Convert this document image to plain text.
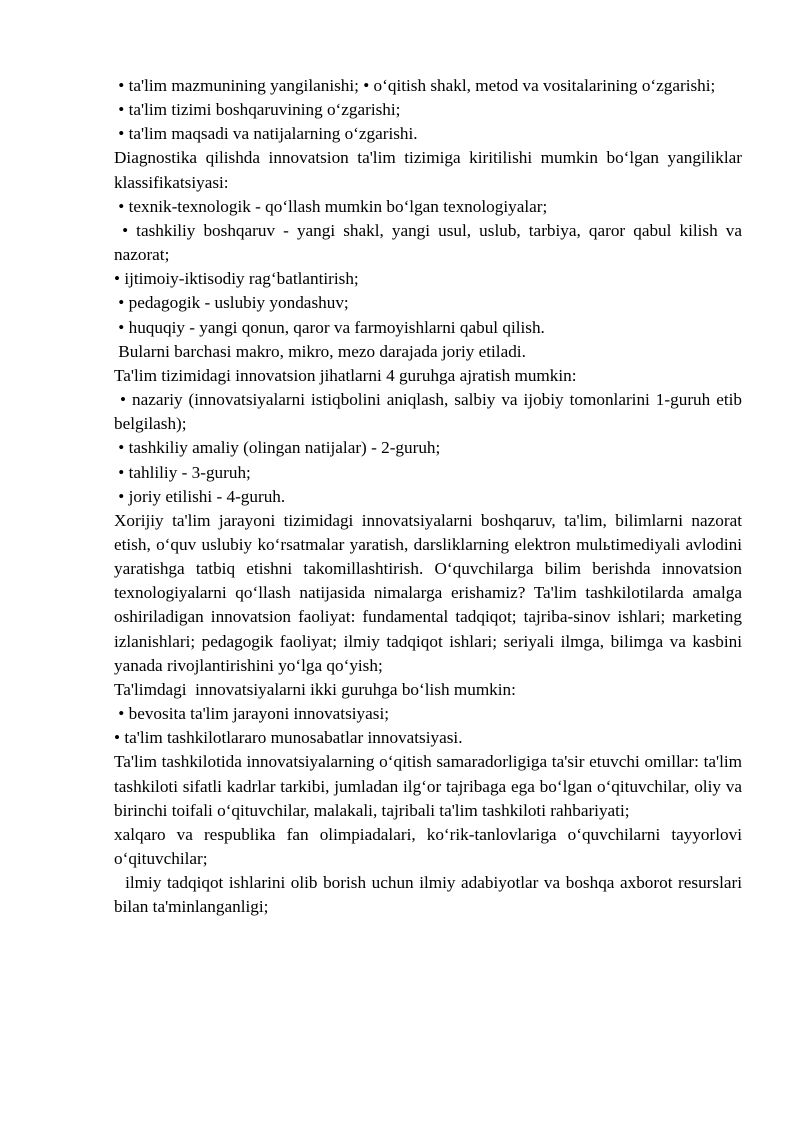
• ta'lim mazmunining yangilanishi; • o‘qitish shakl, metod va vositalarining o‘zgarishi;

• ta'lim tizimi boshqaruvining o‘zgarishi;

• ta'lim maqsadi va natijalarning o‘zgarishi.

Diagnostika qilishda innovatsion ta'lim tizimiga kiritilishi mumkin bo‘lgan yangiliklar klassifikatsiyasi:

• texnik-texnologik - qo‘llash mumkin bo‘lgan texnologiyalar;

• tashkiliy boshqaruv - yangi shakl, yangi usul, uslub, tarbiya, qaror qabul kilish va nazorat;

• ijtimoiy-iktisodiy rag‘batlantirish;

• pedagogik - uslubiy yondashuv;

• huquqiy - yangi qonun, qaror va farmoyishlarni qabul qilish.

Bularni barchasi makro, mikro, mezo darajada joriy etiladi.

Ta'lim tizimidagi innovatsion jihatlarni 4 guruhga ajratish mumkin:

• nazariy (innovatsiyalarni istiqbolini aniqlash, salbiy va ijobiy tomonlarini 1-guruh etib belgilash);

• tashkiliy amaliy (olingan natijalar) - 2-guruh;

• tahliliy - 3-guruh;

• joriy etilishi - 4-guruh.

Xorijiy ta'lim jarayoni tizimidagi innovatsiyalarni boshqaruv, ta'lim, bilimlarni nazorat etish, o‘quv uslubiy ko‘rsatmalar yaratish, darsliklarning elektron mulьtimediyali avlodini yaratishga tatbiq etishni takomillashtirish. O‘quvchilarga bilim berishda innovatsion texnologiyalarni qo‘llash natijasida nimalarga erishamiz? Ta'lim tashkilotilarda amalga oshiriladigan innovatsion faoliyat: fundamental tadqiqot; tajriba-sinov ishlari; marketing izlanishlari; pedagogik faoliyat; ilmiy tadqiqot ishlari; seriyali ilmga, bilimga va kasbini yanada rivojlantirishini yo‘lga qo‘yish;

Ta'limdagi  innovatsiyalarni ikki guruhga bo‘lish mumkin:

• bevosita ta'lim jarayoni innovatsiyasi;

• ta'lim tashkilotlararo munosabatlar innovatsiyasi.

Ta'lim tashkilotida innovatsiyalarning o‘qitish samaradorligiga ta'sir etuvchi omillar: ta'lim tashkiloti sifatli kadrlar tarkibi, jumladan ilg‘or tajribaga ega bo‘lgan o‘qituvchilar, oliy va birinchi toifali o‘qituvchilar, malakali, tajribali ta'lim tashkiloti rahbariyati;

xalqaro va respublika fan olimpiadalari, ko‘rik-tanlovlariga o‘quvchilarni tayyorlovi o‘qituvchilar;

ilmiy tadqiqot ishlarini olib borish uchun ilmiy adabiyotlar va boshqa axborot resurslari bilan ta'minlanganligi;
